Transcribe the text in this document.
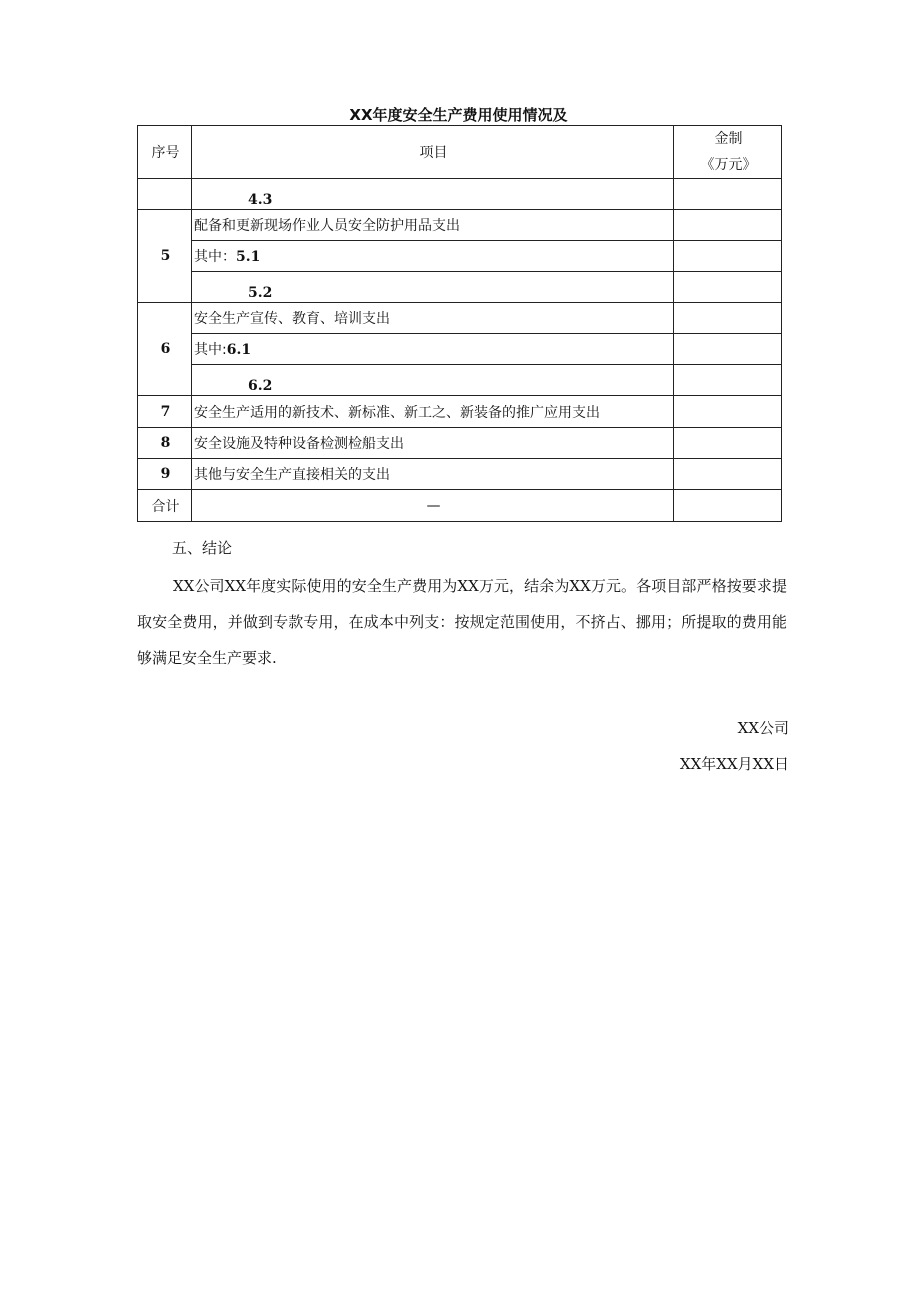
XX年度安全生产费用使用情况及
序号	项目	金制
《万元》

	4.3	
5	配备和更新现场作业人员安全防护用品支出	
	其中：5.1	
	5.2	
6	安全生产宣传、教育、培训支出	
	其中:6.1	
	6.2	
7	安全生产适用的新技术、新标准、新工之、新装备的推广应用支出	
8	安全设施及特种设备检测检船支出	
9	其他与安全生产直接相关的支出	
合计	—	
五、结论
XX公司XX年度实际使用的安全生产费用为XX万元，结余为XX万元。各项目部严格按要求提取安全费用，并做到专款专用，在成本中列支：按规定范围使用，不挤占、挪用；所提取的费用能够满足安全生产要求.
XX公司
XX年XX月XX日
